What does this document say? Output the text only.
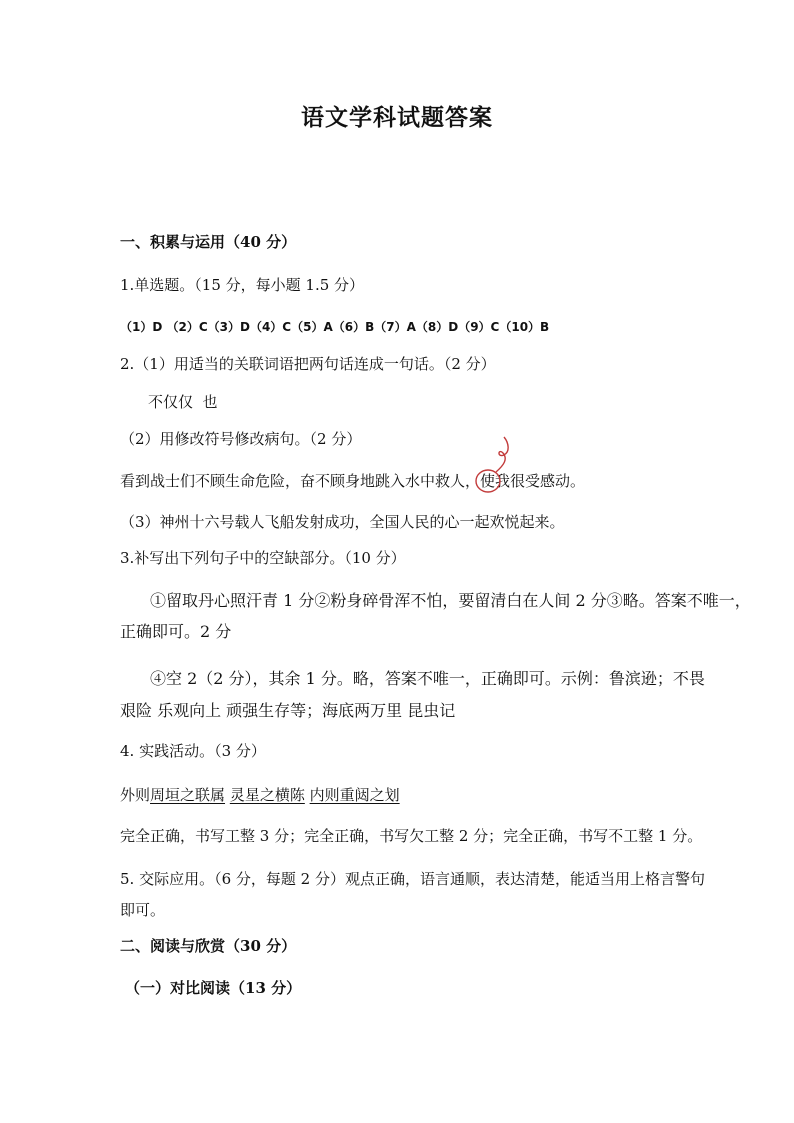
语文学科试题答案
一、积累与运用（40 分）
1.单选题。（15 分，每小题 1.5 分）
（1）D （2）C（3）D（4）C（5）A（6）B（7）A（8）D（9）C（10）B
2.（1）用适当的关联词语把两句话连成一句话。（2 分）
不仅仅  也
（2）用修改符号修改病句。（2 分）
看到战士们不顾生命危险，奋不顾身地跳入水中救人，使
我很受感动。
（3）神州十六号载人飞船发射成功，全国人民的心一起欢悦起来。
3.补写出下列句子中的空缺部分。（10 分）
①留取丹心照汗青 1 分②粉身碎骨浑不怕，要留清白在人间 2 分③略。答案不唯一，
正确即可。2 分
④空 2（2 分），其余 1 分。略，答案不唯一，正确即可。示例：鲁滨逊；不畏
艰险 乐观向上 顽强生存等；海底两万里 昆虫记
4. 实践活动。（3 分）
外则周垣之联属 灵星之横陈 内则重闼之划
完全正确，书写工整 3 分；完全正确，书写欠工整 2 分；完全正确，书写不工整 1 分。
5. 交际应用。（6 分，每题 2 分）观点正确，语言通顺，表达清楚，能适当用上格言警句
即可。
二、阅读与欣赏（30 分）
（一）对比阅读（13 分）
